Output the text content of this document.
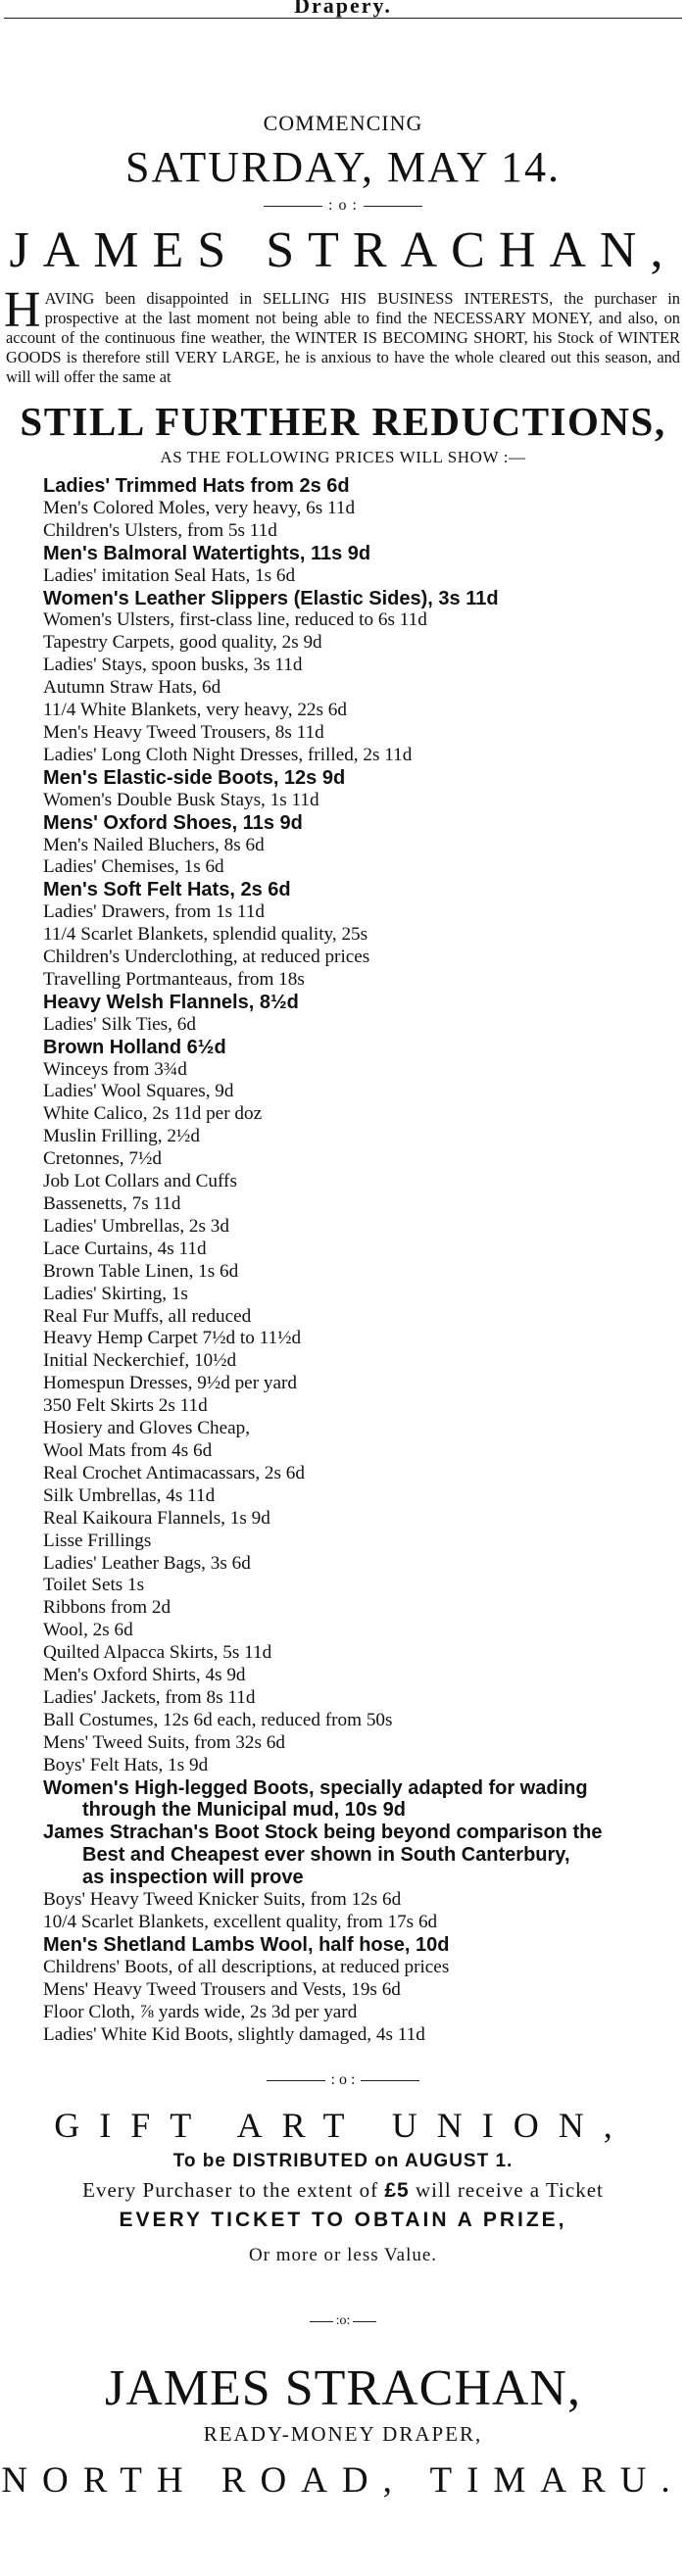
Drapery.
COMMENCING
SATURDAY, MAY 14.
: o :
JAMES STRACHAN,
HAVING been disappointed in SELLING HIS BUSINESS INTERESTS, the purchaser in prospective at the last moment not being able to find the NECESSARY MONEY, and also, on account of the continuous fine weather, the WINTER IS BECOMING SHORT, his Stock of WINTER GOODS is therefore still VERY LARGE, he is anxious to have the whole cleared out this season, and will will offer the same at
STILL FURTHER REDUCTIONS,
AS THE FOLLOWING PRICES WILL SHOW :—
Ladies' Trimmed Hats from 2s 6d
Men's Colored Moles, very heavy, 6s 11d
Children's Ulsters, from 5s 11d
Men's Balmoral Watertights, 11s 9d
Ladies' imitation Seal Hats, 1s 6d
Women's Leather Slippers (Elastic Sides), 3s 11d
Women's Ulsters, first-class line, reduced to 6s 11d
Tapestry Carpets, good quality, 2s 9d
Ladies' Stays, spoon busks, 3s 11d
Autumn Straw Hats, 6d
11/4 White Blankets, very heavy, 22s 6d
Men's Heavy Tweed Trousers, 8s 11d
Ladies' Long Cloth Night Dresses, frilled, 2s 11d
Men's Elastic-side Boots, 12s 9d
Women's Double Busk Stays, 1s 11d
Mens' Oxford Shoes, 11s 9d
Men's Nailed Bluchers, 8s 6d
Ladies' Chemises, 1s 6d
Men's Soft Felt Hats, 2s 6d
Ladies' Drawers, from 1s 11d
11/4 Scarlet Blankets, splendid quality, 25s
Children's Underclothing, at reduced prices
Travelling Portmanteaus, from 18s
Heavy Welsh Flannels, 8½d
Ladies' Silk Ties, 6d
Brown Holland 6½d
Winceys from 3¾d
Ladies' Wool Squares, 9d
White Calico, 2s 11d per doz
Muslin Frilling, 2½d
Cretonnes, 7½d
Job Lot Collars and Cuffs
Bassenetts, 7s 11d
Ladies' Umbrellas, 2s 3d
Lace Curtains, 4s 11d
Brown Table Linen, 1s 6d
Ladies' Skirting, 1s
Real Fur Muffs, all reduced
Heavy Hemp Carpet 7½d to 11½d
Initial Neckerchief, 10½d
Homespun Dresses, 9½d per yard
350 Felt Skirts 2s 11d
Hosiery and Gloves Cheap,
Wool Mats from 4s 6d
Real Crochet Antimacassars, 2s 6d
Silk Umbrellas, 4s 11d
Real Kaikoura Flannels, 1s 9d
Lisse Frillings
Ladies' Leather Bags, 3s 6d
Toilet Sets 1s
Ribbons from 2d
Wool, 2s 6d
Quilted Alpacca Skirts, 5s 11d
Men's Oxford Shirts, 4s 9d
Ladies' Jackets, from 8s 11d
Ball Costumes, 12s 6d each, reduced from 50s
Mens' Tweed Suits, from 32s 6d
Boys' Felt Hats, 1s 9d
Women's High-legged Boots, specially adapted for wading
through the Municipal mud, 10s 9d
James Strachan's Boot Stock being beyond comparison the
Best and Cheapest ever shown in South Canterbury,
as inspection will prove
Boys' Heavy Tweed Knicker Suits, from 12s 6d
10/4 Scarlet Blankets, excellent quality, from 17s 6d
Men's Shetland Lambs Wool, half hose, 10d
Childrens' Boots, of all descriptions, at reduced prices
Mens' Heavy Tweed Trousers and Vests, 19s 6d
Floor Cloth, ⅞ yards wide, 2s 3d per yard
Ladies' White Kid Boots, slightly damaged, 4s 11d
: o :
GIFT ART UNION,
To be DISTRIBUTED on AUGUST 1.
Every Purchaser to the extent of £5 will receive a Ticket
EVERY TICKET TO OBTAIN A PRIZE,
Or more or less Value.
:o:
JAMES STRACHAN,
READY-MONEY DRAPER,
NORTH ROAD, TIMARU.
